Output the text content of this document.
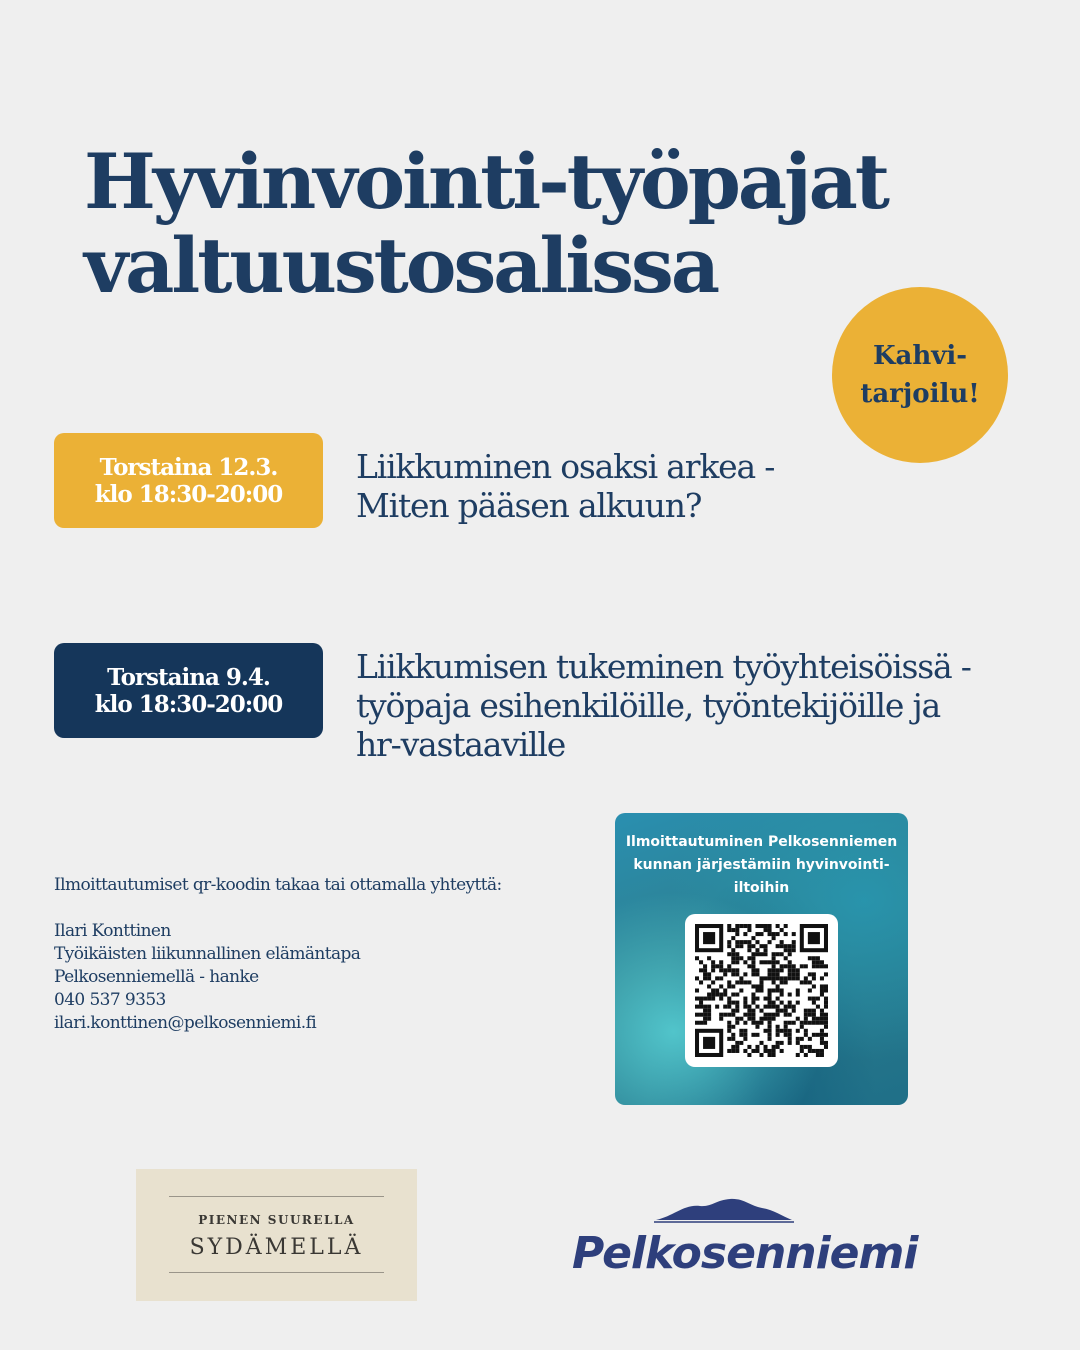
Hyvinvointi-työpajat
valtuustosalissa
Kahvi-
tarjoilu!
Torstaina 12.3.
klo 18:30-20:00
Liikkuminen osaksi arkea -
Miten pääsen alkuun?
Torstaina 9.4.
klo 18:30-20:00
Liikkumisen tukeminen työyhteisöissä -
työpaja esihenkilöille, työntekijöille ja
hr-vastaaville
Ilmoittautumiset qr-koodin takaa tai ottamalla yhteyttä:
Ilari Konttinen
Työikäisten liikunnallinen elämäntapa
Pelkosenniemellä - hanke
040 537 9353
ilari.konttinen@pelkosenniemi.fi
Ilmoittautuminen Pelkosenniemen
kunnan järjestämiin hyvinvointi-
iltoihin
PIENEN SUURELLA
SYDÄMELLÄ	Pelkosenniemi
